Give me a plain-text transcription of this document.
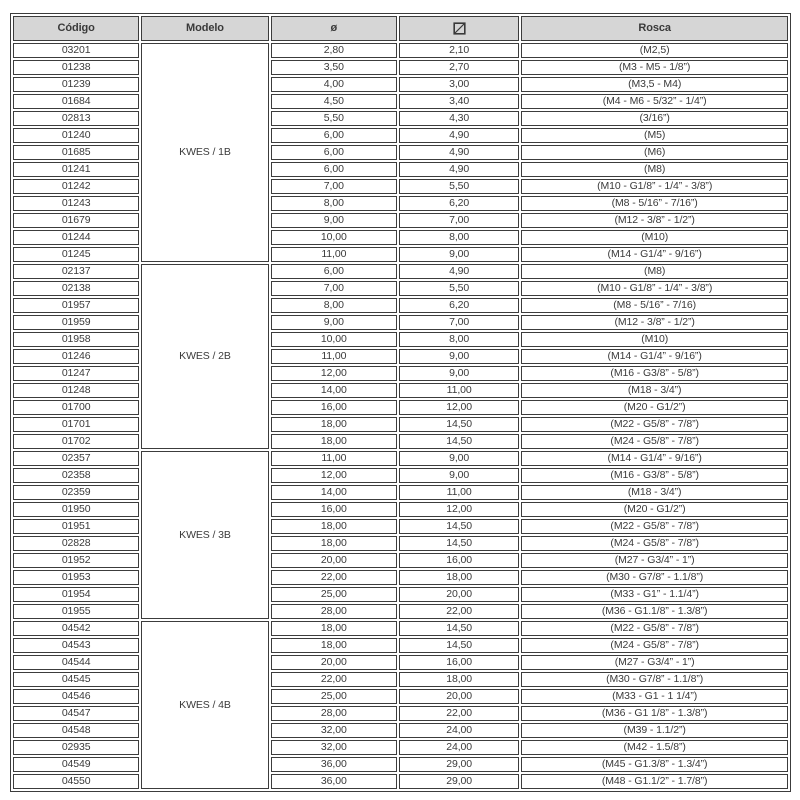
Código	Modelo	ø		Rosca
03201	KWES / 1B	2,80	2,10	(M2,5)
01238		3,50	2,70	(M3 - M5 - 1/8”)
01239		4,00	3,00	(M3,5 - M4)
01684		4,50	3,40	(M4 - M6 - 5/32” - 1/4”)
02813		5,50	4,30	(3/16”)
01240		6,00	4,90	(M5)
01685		6,00	4,90	(M6)
01241		6,00	4,90	(M8)
01242		7,00	5,50	(M10 - G1/8” - 1/4” - 3/8”)
01243		8,00	6,20	(M8 - 5/16” - 7/16”)
01679		9,00	7,00	(M12 - 3/8” - 1/2”)
01244		10,00	8,00	(M10)
01245		11,00	9,00	(M14 - G1/4” - 9/16”)
02137	KWES / 2B	6,00	4,90	(M8)
02138		7,00	5,50	(M10 - G1/8” - 1/4” - 3/8”)
01957		8,00	6,20	(M8 - 5/16” - 7/16)
01959		9,00	7,00	(M12 - 3/8” - 1/2”)
01958		10,00	8,00	(M10)
01246		11,00	9,00	(M14 - G1/4” - 9/16”)
01247		12,00	9,00	(M16 - G3/8” - 5/8”)
01248		14,00	11,00	(M18 - 3/4”)
01700		16,00	12,00	(M20 - G1/2”)
01701		18,00	14,50	(M22 - G5/8” - 7/8”)
01702		18,00	14,50	(M24 - G5/8” - 7/8”)
02357	KWES / 3B	11,00	9,00	(M14 - G1/4” - 9/16”)
02358		12,00	9,00	(M16 - G3/8” - 5/8”)
02359		14,00	11,00	(M18 - 3/4”)
01950		16,00	12,00	(M20 - G1/2”)
01951		18,00	14,50	(M22 - G5/8” - 7/8”)
02828		18,00	14,50	(M24 - G5/8” - 7/8”)
01952		20,00	16,00	(M27 - G3/4” - 1”)
01953		22,00	18,00	(M30 - G7/8” - 1.1/8”)
01954		25,00	20,00	(M33 - G1” - 1.1/4”)
01955		28,00	22,00	(M36 - G1.1/8” - 1.3/8”)
04542	KWES / 4B	18,00	14,50	(M22 - G5/8” - 7/8”)
04543		18,00	14,50	(M24 - G5/8” - 7/8”)
04544		20,00	16,00	(M27 - G3/4” - 1”)
04545		22,00	18,00	(M30 - G7/8” - 1.1/8”)
04546		25,00	20,00	(M33 - G1 - 1 1/4”)
04547		28,00	22,00	(M36 - G1 1/8” - 1.3/8”)
04548		32,00	24,00	(M39 - 1.1/2”)
02935		32,00	24,00	(M42 - 1.5/8”)
04549		36,00	29,00	(M45 - G1.3/8” - 1.3/4”)
04550		36,00	29,00	(M48 - G1.1/2” - 1.7/8”)
